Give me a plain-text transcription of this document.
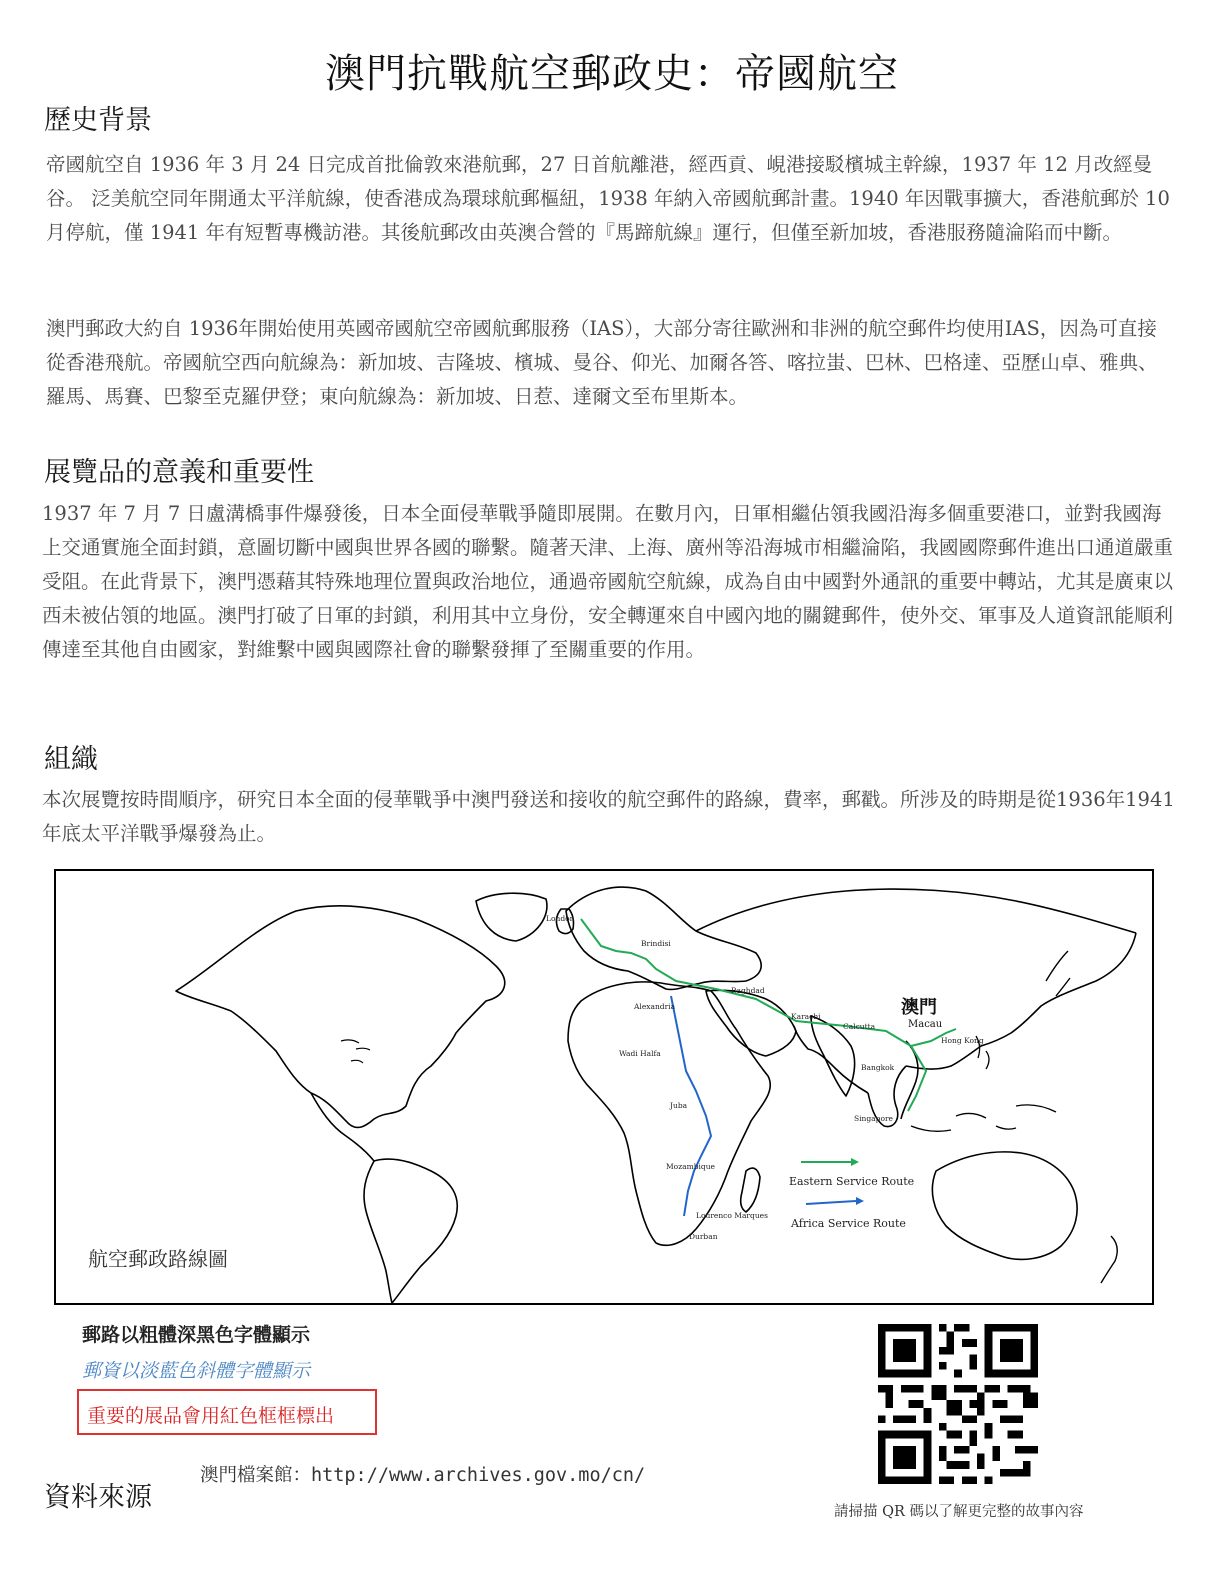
澳門抗戰航空郵政史：帝國航空
歷史背景

帝國航空自 1936 年 3 月 24 日完成首批倫敦來港航郵，27 日首航離港，經西貢、峴港接駁檳城主幹線，1937 年 12 月改經曼谷。 泛美航空同年開通太平洋航線，使香港成為環球航郵樞紐，1938 年納入帝國航郵計畫。1940 年因戰事擴大，香港航郵於 10月停航，僅 1941 年有短暫專機訪港。其後航郵改由英澳合營的『馬蹄航線』運行，但僅至新加坡，香港服務隨淪陷而中斷。

澳門郵政大約自 1936年開始使用英國帝國航空帝國航郵服務（IAS），大部分寄往歐洲和非洲的航空郵件均使用IAS，因為可直接從香港飛航。帝國航空西向航線為：新加坡、吉隆坡、檳城、曼谷、仰光、加爾各答、喀拉蚩、巴林、巴格達、亞歷山卓、雅典、羅馬、馬賽、巴黎至克羅伊登；東向航線為：新加坡、日惹、達爾文至布里斯本。

展覽品的意義和重要性

1937 年 7 月 7 日盧溝橋事件爆發後，日本全面侵華戰爭隨即展開。在數月內，日軍相繼佔領我國沿海多個重要港口，並對我國海上交通實施全面封鎖，意圖切斷中國與世界各國的聯繫。隨著天津、上海、廣州等沿海城市相繼淪陷，我國國際郵件進出口通道嚴重受阻。在此背景下，澳門憑藉其特殊地理位置與政治地位，通過帝國航空航線，成為自由中國對外通訊的重要中轉站，尤其是廣東以西未被佔領的地區。澳門打破了日軍的封鎖，利用其中立身份，安全轉運來自中國內地的關鍵郵件，使外交、軍事及人道資訊能順利傳達至其他自由國家，對維繫中國與國際社會的聯繫發揮了至關重要的作用。

組織

本次展覽按時間順序，研究日本全面的侵華戰爭中澳門發送和接收的航空郵件的路線，費率，郵戳。所涉及的時期是從1936年1941年底太平洋戰爭爆發為止。

London
Brindisi
Alexandria
Baghdad
Karachi
Calcutta
Bangkok
Singapore
Hong Kong
Wadi Halfa
Juba
Mozambique
Lourenco Marques
Durban
澳門
Macau
Eastern Service Route
Africa Service Route
航空郵政路線圖
郵路以粗體深黑色字體顯示
郵資以淡藍色斜體字體顯示
重要的展品會用紅色框框標出
資料來源
澳門檔案館：http://www.archives.gov.mo/cn/
請掃描 QR 碼以了解更完整的故事內容
